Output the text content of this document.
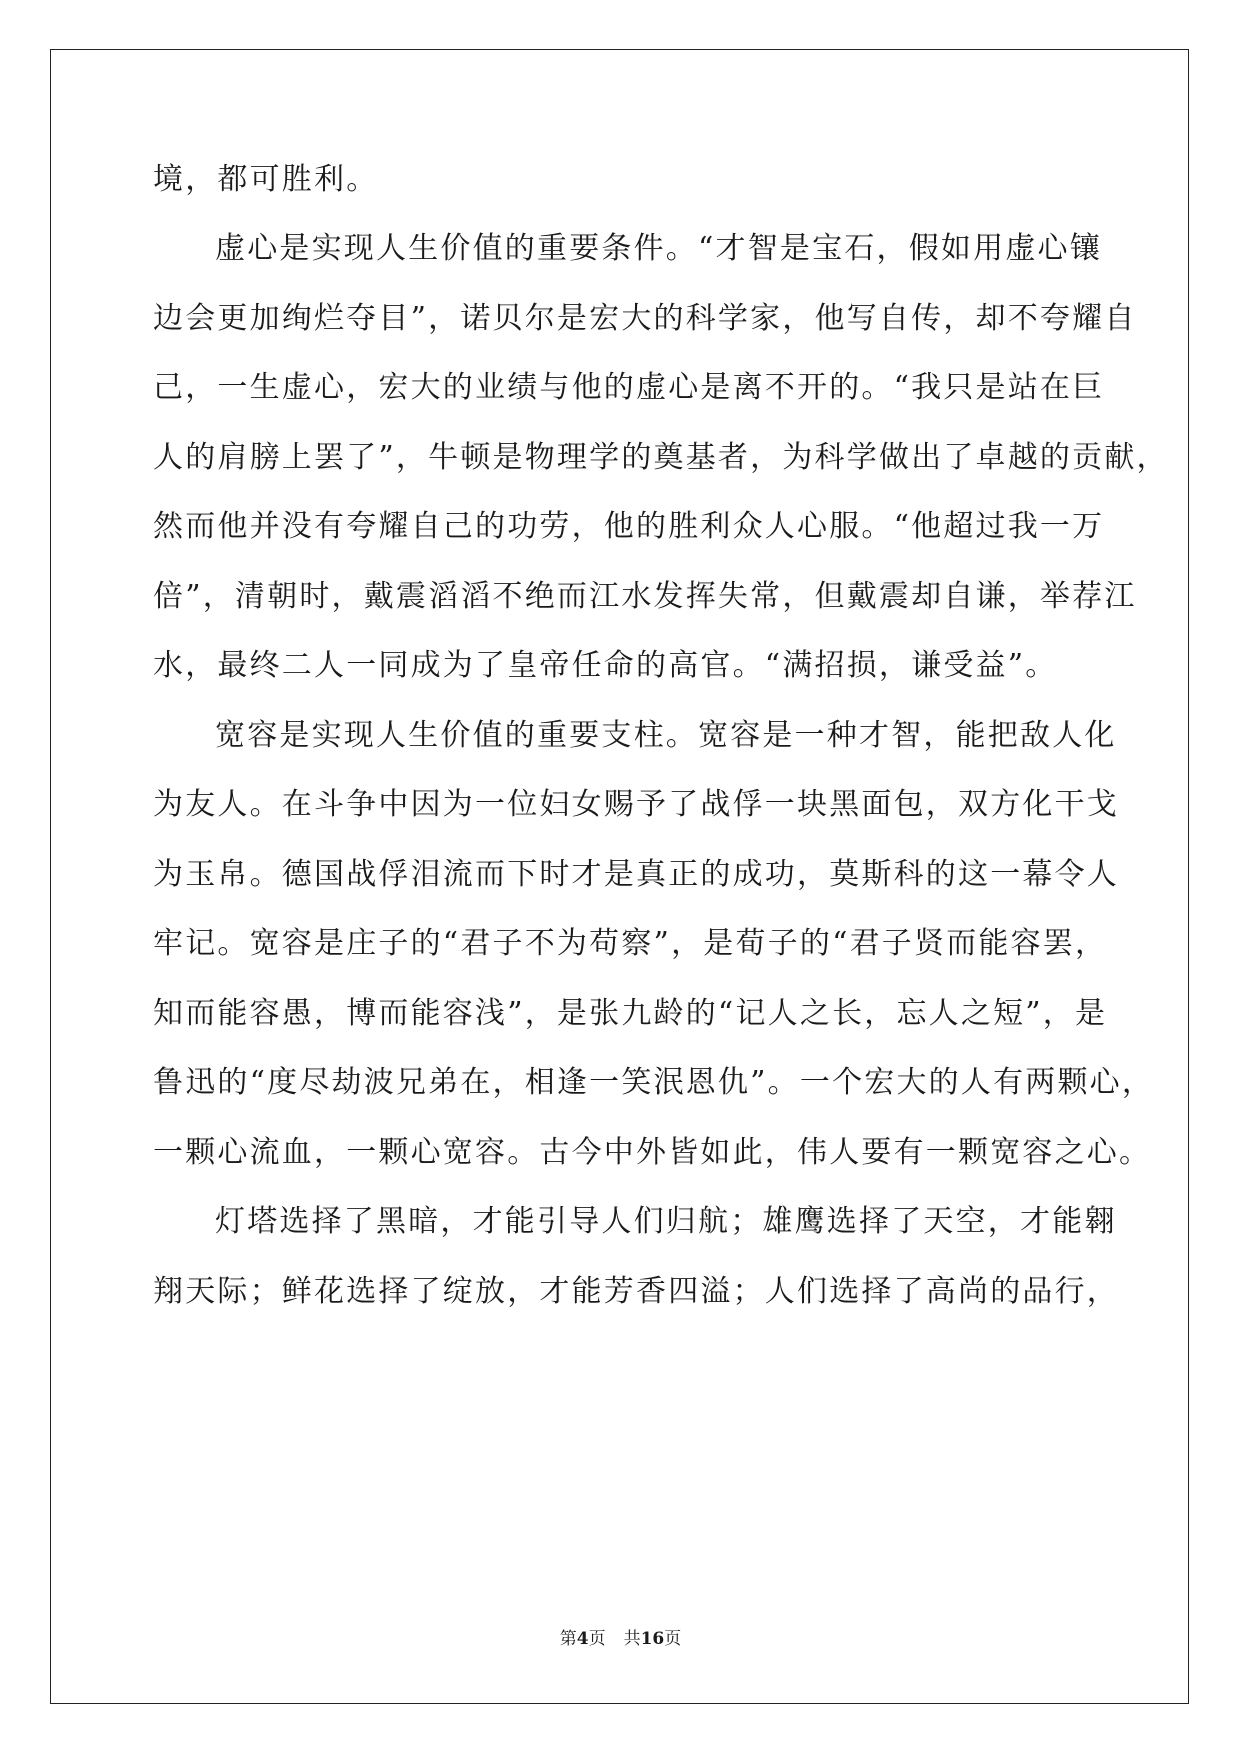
境，都可胜利。
虚心是实现人生价值的重要条件。“才智是宝石，假如用虚心镶
边会更加绚烂夺目”，诺贝尔是宏大的科学家，他写自传，却不夸耀自
己，一生虚心，宏大的业绩与他的虚心是离不开的。“我只是站在巨
人的肩膀上罢了”，牛顿是物理学的奠基者，为科学做出了卓越的贡献，
然而他并没有夸耀自己的功劳，他的胜利众人心服。“他超过我一万
倍”，清朝时，戴震滔滔不绝而江水发挥失常，但戴震却自谦，举荐江
水，最终二人一同成为了皇帝任命的高官。“满招损，谦受益”。
宽容是实现人生价值的重要支柱。宽容是一种才智，能把敌人化
为友人。在斗争中因为一位妇女赐予了战俘一块黑面包，双方化干戈
为玉帛。德国战俘泪流而下时才是真正的成功，莫斯科的这一幕令人
牢记。宽容是庄子的“君子不为苟察”，是荀子的“君子贤而能容罢，
知而能容愚，博而能容浅”，是张九龄的“记人之长，忘人之短”，是
鲁迅的“度尽劫波兄弟在，相逢一笑泯恩仇”。一个宏大的人有两颗心，
一颗心流血，一颗心宽容。古今中外皆如此，伟人要有一颗宽容之心。
灯塔选择了黑暗，才能引导人们归航；雄鹰选择了天空，才能翱
翔天际；鲜花选择了绽放，才能芳香四溢；人们选择了高尚的品行，
第4页 共16页
